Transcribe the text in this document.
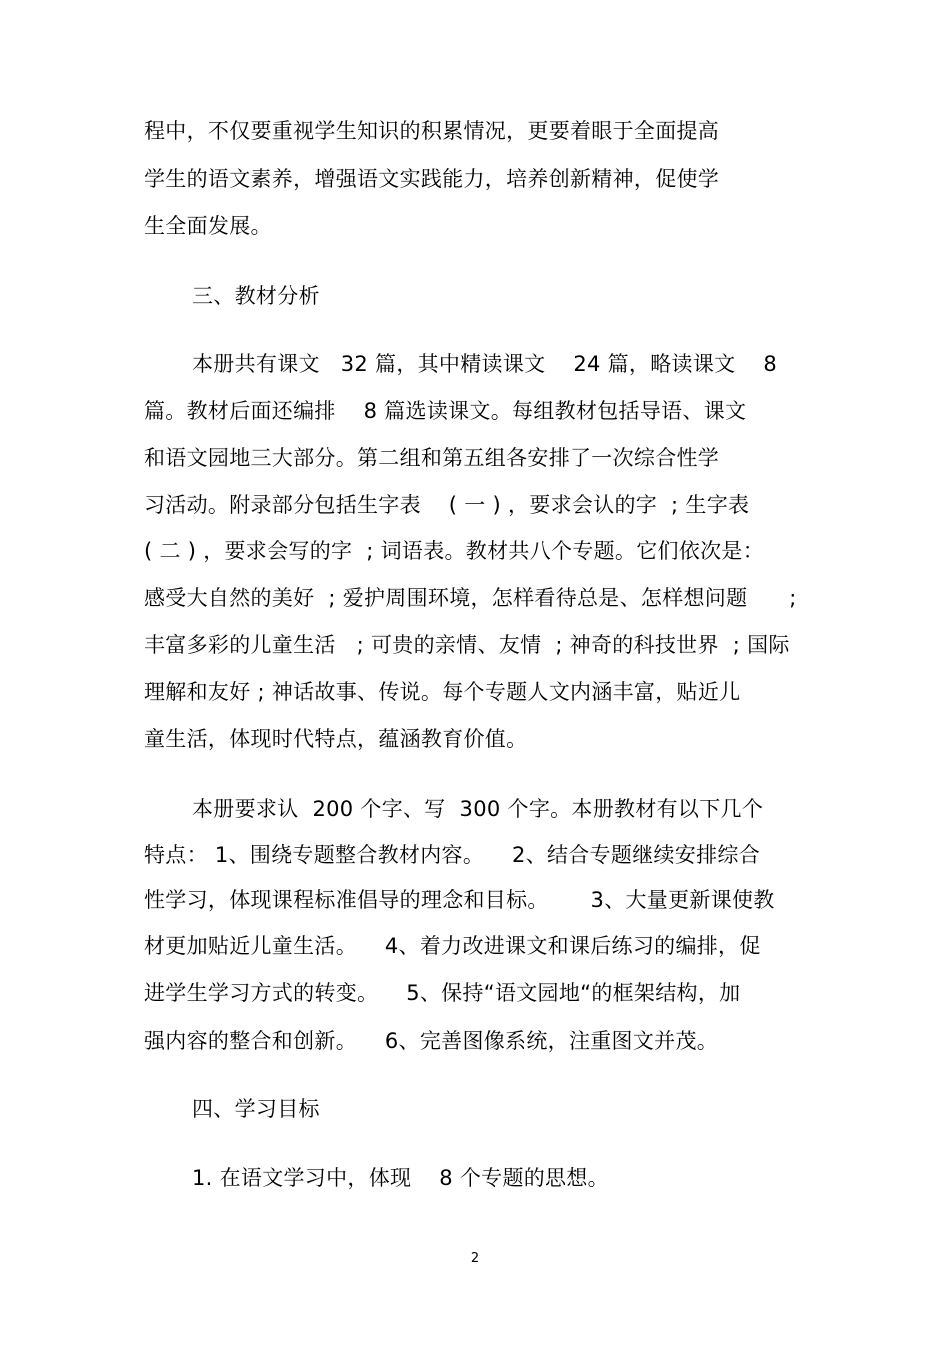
程中，不仅要重视学生知识的积累情况，更要着眼于全面提高
学生的语文素养，增强语文实践能力，培养创新精神，促使学
生全面发展。
三、教材分析
本册共有课文   32 篇，其中精读课文    24 篇，略读课文    8
篇。教材后面还编排    8 篇选读课文。每组教材包括导语、课文
和语文园地三大部分。第二组和第五组各安排了一次综合性学
习活动。附录部分包括生字表    ( 一 ) ，要求会认的字  ; 生字表
( 二 ) ，要求会写的字  ; 词语表。教材共八个专题。它们依次是：
感受大自然的美好  ; 爱护周围环境，怎样看待总是、怎样想问题      ;
丰富多彩的儿童生活   ; 可贵的亲情、友情  ; 神奇的科技世界  ; 国际
理解和友好 ; 神话故事、传说。每个专题人文内涵丰富，贴近儿
童生活，体现时代特点，蕴涵教育价值。
本册要求认  200 个字、写  300 个字。本册教材有以下几个
特点： 1、围绕专题整合教材内容。    2、结合专题继续安排综合
性学习，体现课程标准倡导的理念和目标。      3、大量更新课使教
材更加贴近儿童生活。    4、着力改进课文和课后练习的编排，促
进学生学习方式的转变。    5、保持“语文园地“的框架结构，加
强内容的整合和创新。    6、完善图像系统，注重图文并茂。
四、学习目标
1. 在语文学习中，体现    8 个专题的思想。
2
